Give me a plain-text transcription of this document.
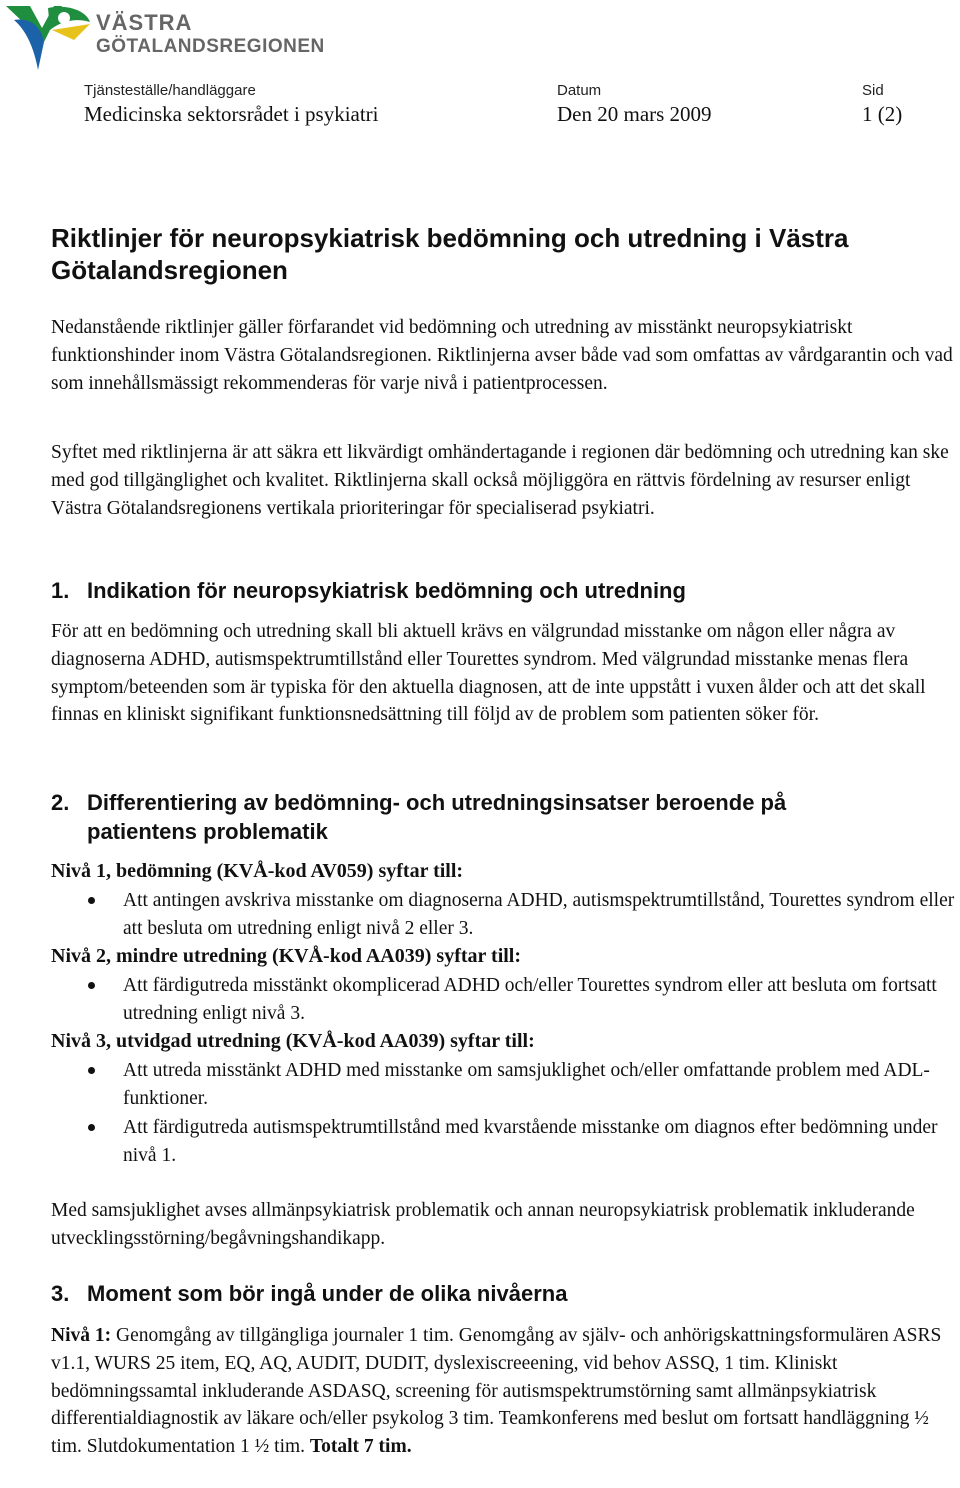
VÄSTRA
GÖTALANDSREGIONEN
Tjänsteställe/handläggare
Medicinska sektorsrådet i psykiatri
Datum
Den 20 mars 2009
Sid
1 (2)
Riktlinjer för neuropsykiatrisk bedömning och utredning i Västra Götalandsregionen

Nedanstående riktlinjer gäller förfarandet vid bedömning och utredning av misstänkt neuropsykiatriskt funktionshinder inom Västra Götalandsregionen. Riktlinjerna avser både vad som omfattas av vårdgarantin och vad som innehållsmässigt rekommenderas för varje nivå i patientprocessen.

Syftet med riktlinjerna är att säkra ett likvärdigt omhändertagande i regionen där bedömning och utredning kan ske med god tillgänglighet och kvalitet. Riktlinjerna skall också möjliggöra en rättvis fördelning av resurser enligt Västra Götalandsregionens vertikala prioriteringar för specialiserad psykiatri.

1. Indikation för neuropsykiatrisk bedömning och utredning

För att en bedömning och utredning skall bli aktuell krävs en välgrundad misstanke om någon eller några av diagnoserna ADHD, autismspektrumtillstånd eller Tourettes syndrom. Med välgrundad misstanke menas flera symptom/beteenden som är typiska för den aktuella diagnosen, att de inte uppstått i vuxen ålder och att det skall finnas en kliniskt signifikant funktionsnedsättning till följd av de problem som patienten söker för.

2. Differentiering av bedömning- och utredningsinsatser beroende på
patientens problematik

Nivå 1, bedömning (KVÅ-kod AV059) syftar till:

Att antingen avskriva misstanke om diagnoserna ADHD, autismspektrumtillstånd, Tourettes syndrom eller att besluta om utredning enligt nivå 2 eller 3.

Nivå 2, mindre utredning (KVÅ-kod AA039) syftar till:

Att färdigutreda misstänkt okomplicerad ADHD och/eller Tourettes syndrom eller att besluta om fortsatt utredning enligt nivå 3.

Nivå 3, utvidgad utredning (KVÅ-kod AA039) syftar till:

Att utreda misstänkt ADHD med misstanke om samsjuklighet och/eller omfattande problem med ADL-funktioner.
Att färdigutreda autismspektrumtillstånd med kvarstående misstanke om diagnos efter bedömning under nivå 1.

Med samsjuklighet avses allmänpsykiatrisk problematik och annan neuropsykiatrisk problematik inkluderande utvecklingsstörning/begåvningshandikapp.

3. Moment som bör ingå under de olika nivåerna

Nivå 1: Genomgång av tillgängliga journaler 1 tim. Genomgång av själv- och anhörigskattningsformulären ASRS v1.1, WURS 25 item, EQ, AQ, AUDIT, DUDIT, dyslexiscreeening, vid behov ASSQ, 1 tim. Kliniskt bedömningssamtal inkluderande ASDASQ, screening för autismspektrumstörning samt allmänpsykiatrisk differentialdiagnostik av läkare och/eller psykolog 3 tim. Teamkonferens med beslut om fortsatt handläggning ½ tim. Slutdokumentation 1 ½ tim. Totalt 7 tim.
